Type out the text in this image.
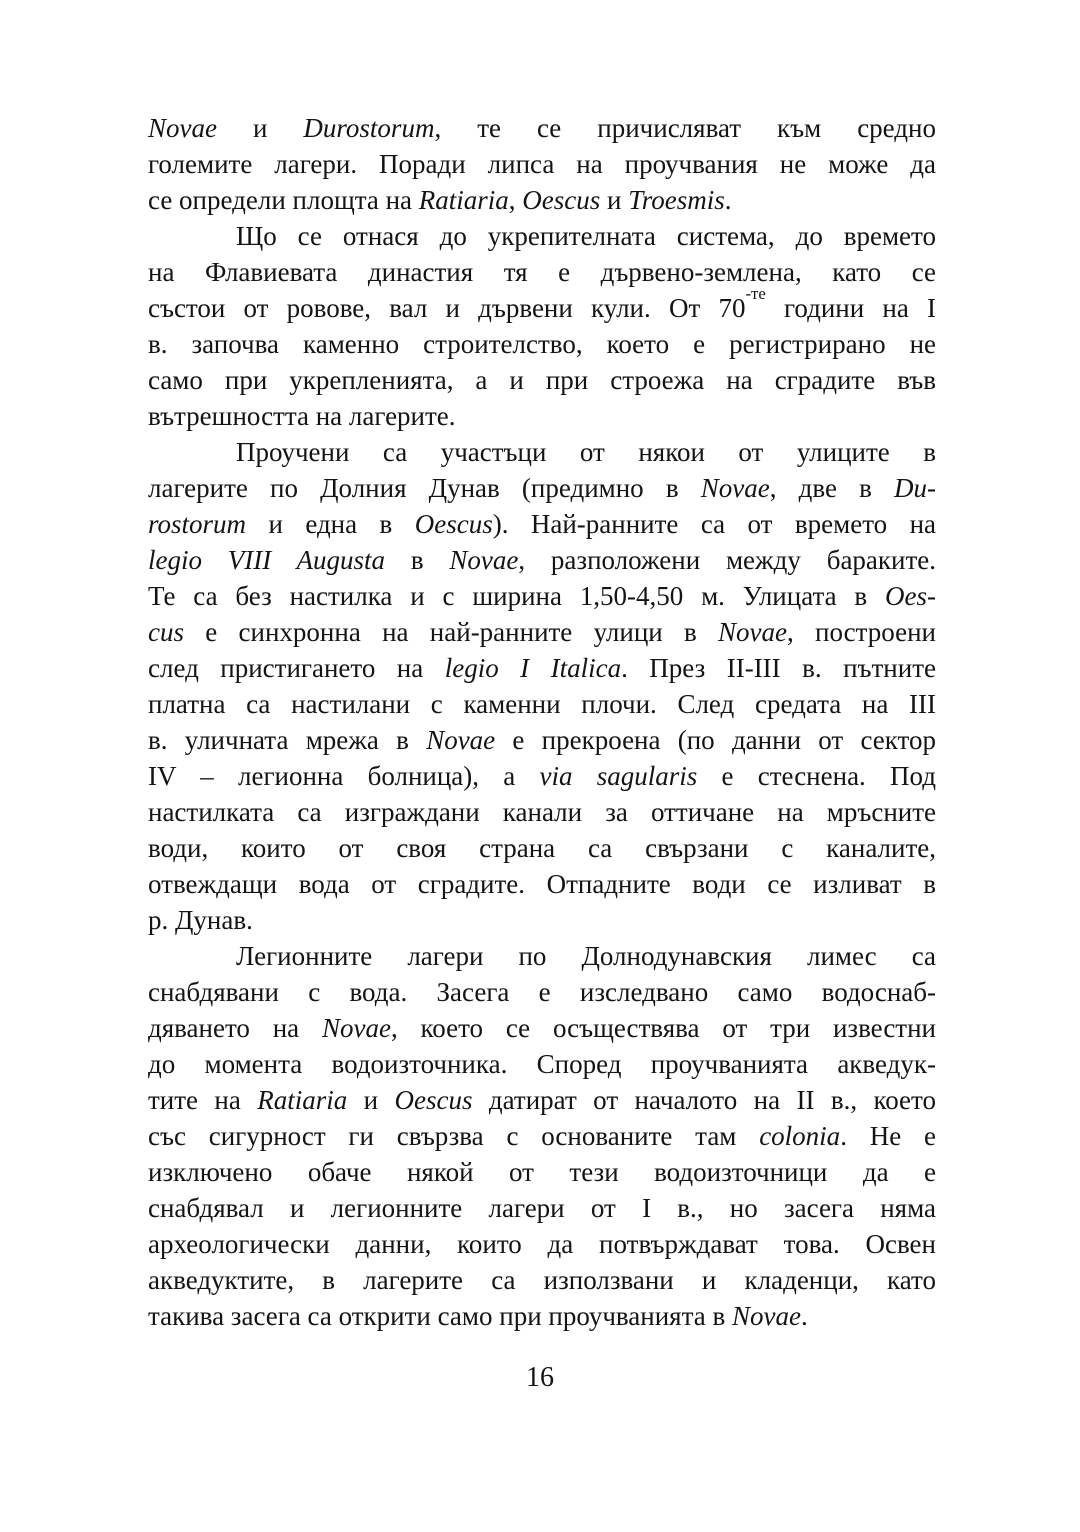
Novae и Durostorum, те се причисляват към средно
големите лагери. Поради липса на проучвания не може да
се определи площта на Ratiaria, Oescus и Troesmis.
Що се отнася до укрепителната система, до времето
на Флавиевата династия тя е дървено-землена, като се
състои от ровове, вал и дървени кули. От $70^{-те}$ години на I
в. започва каменно строителство, което е регистрирано не
само при укрепленията, а и при строежа на сградите във
вътрешността на лагерите.
Проучени са участъци от някои от улиците в
лагерите по Долния Дунав (предимно в Novae, две в Du-
rostorum и една в Oescus). Най-ранните са от времето на
legio VIII Augusta в Novae, разположени между бараките.
Те са без настилка и с ширина 1,50-4,50 м. Улицата в Oes-
cus е синхронна на най-ранните улици в Novae, построени
след пристигането на legio I Italica. През II-III в. пътните
платна са настилани с каменни плочи. След средата на III
в. уличната мрежа в Novae е прекроена (по данни от сектор
IV – легионна болница), а via sagularis е стеснена. Под
настилката са изграждани канали за оттичане на мръсните
води, които от своя страна са свързани с каналите,
отвеждащи вода от сградите. Отпадните води се изливат в
р. Дунав.
Легионните лагери по Долнодунавския лимес са
снабдявани с вода. Засега е изследвано само водоснаб-
дяването на Novae, което се осъществява от три известни
до момента водоизточника. Според проучванията акведук-
тите на Ratiaria и Oescus датират от началото на II в., което
със сигурност ги свързва с основаните там colonia. Не е
изключено обаче някой от тези водоизточници да е
снабдявал и легионните лагери от I в., но засега няма
археологически данни, които да потвърждават това. Освен
акведуктите, в лагерите са използвани и кладенци, като
такива засега са открити само при проучванията в Novae.
16
